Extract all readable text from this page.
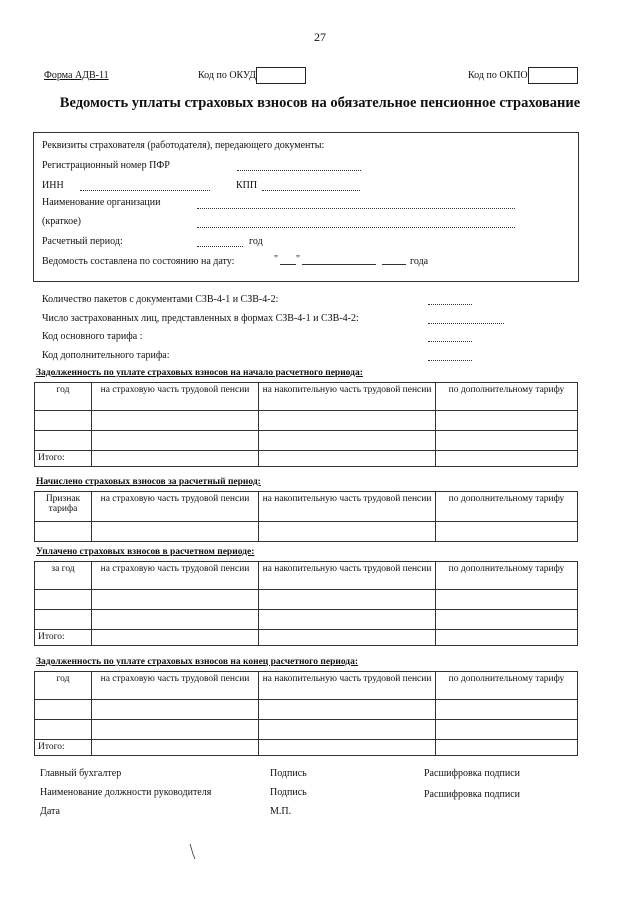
27
Форма АДВ-11	Код по ОКУД	Код по ОКПО
Ведомость уплаты страховых взносов на обязательное пенсионное страхование
Реквизиты страхователя (работодателя), передающего документы:
Регистрационный номер ПФР
ИНН	КПП
Наименование организации
(краткое)
Расчетный период:	год
Ведомость составлена по состоянию на дату:	" "	года
Количество пакетов с документами СЗВ-4-1 и СЗВ-4-2:
Число застрахованных лиц, представленных в формах СЗВ-4-1 и СЗВ-4-2:
Код основного тарифа :
Код дополнительного тарифа:
Задолженность по уплате страховых взносов на начало расчетного периода:
год	на страховую часть трудовой пенсии	на накопительную часть трудовой пенсии	по дополнительному тарифу

Итого:			
Начислено страховых взносов за расчетный период:
Признак тарифа	на страховую часть трудовой пенсии	на накопительную часть трудовой пенсии	по дополнительному тарифу

Уплачено страховых взносов в расчетном периоде:
за год	на страховую часть трудовой пенсии	на накопительную часть трудовой пенсии	по дополнительному тарифу

Итого:			
Задолженность по уплате страховых взносов на конец расчетного периода:
год	на страховую часть трудовой пенсии	на накопительную часть трудовой пенсии	по дополнительному тарифу

Итого:			
Главный бухгалтер	Подпись	Расшифровка подписи
Наименование должности руководителя	Подпись	Расшифровка подписи
Дата	М.П.
